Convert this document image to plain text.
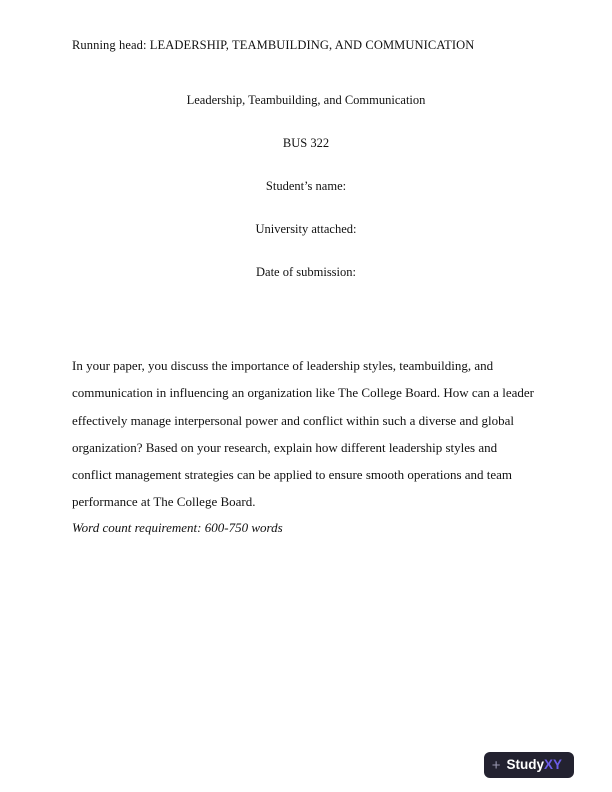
Running head: LEADERSHIP, TEAMBUILDING, AND COMMUNICATION
Leadership, Teambuilding, and Communication
BUS 322
Student’s name:
University attached:
Date of submission:

In your paper, you discuss the importance of leadership styles, teambuilding, and communication in influencing an organization like The College Board. How can a leader effectively manage interpersonal power and conflict within such a diverse and global organization? Based on your research, explain how different leadership styles and conflict management strategies can be applied to ensure smooth operations and team performance at The College Board.

Word count requirement: 600-750 words

+ StudyXY
